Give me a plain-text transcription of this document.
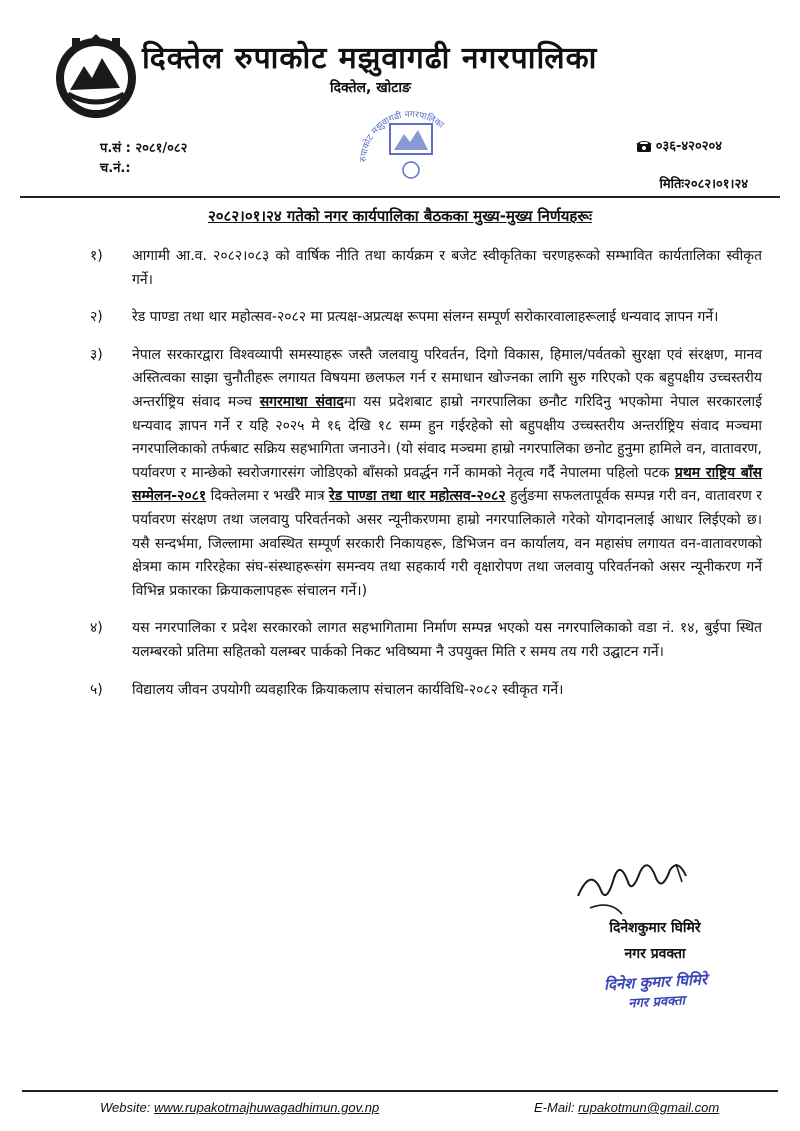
दिक्तेल रुपाकोट मझुवागढी नगरपालिका
दिक्तेल, खोटाङ
रुपाकोट मझुवागढी नगरपालिका
प.सं : २०८१/०८२
च.नं.:
०३६-४२०२०४
मितिः२०८२।०१।२४
२०८२।०१।२४ गतेको नगर कार्यपालिका बैठकका मुख्य-मुख्य निर्णयहरूः
१)	आगामी आ.व. २०८२।०८३ को वार्षिक नीति तथा कार्यक्रम र बजेट स्वीकृतिका चरणहरूको सम्भावित कार्यतालिका स्वीकृत गर्ने।
२)	रेड पाण्डा तथा थार महोत्सव-२०८२ मा प्रत्यक्ष-अप्रत्यक्ष रूपमा संलग्न सम्पूर्ण सरोकारवालाहरूलाई धन्यवाद ज्ञापन गर्ने।
३)	नेपाल सरकारद्वारा विश्वव्यापी समस्याहरू जस्तै जलवायु परिवर्तन, दिगो विकास, हिमाल/पर्वतको सुरक्षा एवं संरक्षण, मानव अस्तित्वका साझा चुनौतीहरू लगायत विषयमा छलफल गर्न र समाधान खोज्नका लागि सुरु गरिएको एक बहुपक्षीय उच्चस्तरीय अन्तर्राष्ट्रिय संवाद मञ्च सगरमाथा संवादमा यस प्रदेशबाट हाम्रो नगरपालिका छनौट गरिदिनु भएकोमा नेपाल सरकारलाई धन्यवाद ज्ञापन गर्ने र यहि २०२५ मे १६ देखि १८ सम्म हुन गईरहेको सो बहुपक्षीय उच्चस्तरीय अन्तर्राष्ट्रिय संवाद मञ्चमा नगरपालिकाको तर्फबाट सक्रिय सहभागिता जनाउने। (यो संवाद मञ्चमा हाम्रो नगरपालिका छनोट हुनुमा हामिले वन, वातावरण, पर्यावरण र मान्छेको स्वरोजगारसंग जोडिएको बाँसको प्रवर्द्धन गर्ने कामको नेतृत्व गर्दै नेपालमा पहिलो पटक प्रथम राष्ट्रिय बाँस सम्मेलन-२०८१ दिक्तेलमा र भर्खरै मात्र रेड पाण्डा तथा थार महोत्सव-२०८२ हुर्लुङमा सफलतापूर्वक सम्पन्न गरी वन, वातावरण र पर्यावरण संरक्षण तथा जलवायु परिवर्तनको असर न्यूनीकरणमा हाम्रो नगरपालिकाले गरेको योगदानलाई आधार लिईएको छ। यसै सन्दर्भमा, जिल्लामा अवस्थित सम्पूर्ण सरकारी निकायहरू, डिभिजन वन कार्यालय, वन महासंघ लगायत वन-वातावरणको क्षेत्रमा काम गरिरहेका संघ-संस्थाहरूसंग समन्वय तथा सहकार्य गरी वृक्षारोपण तथा जलवायु परिवर्तनको असर न्यूनीकरण गर्ने विभिन्न प्रकारका क्रियाकलापहरू संचालन गर्ने।)
४)	यस नगरपालिका र प्रदेश सरकारको लागत सहभागितामा निर्माण सम्पन्न भएको यस नगरपालिकाको वडा नं. १४, बुईपा स्थित यलम्बरको प्रतिमा सहितको यलम्बर पार्कको निकट भविष्यमा नै उपयुक्त मिति र समय तय गरी उद्घाटन गर्ने।
५)	विद्यालय जीवन उपयोगी व्यवहारिक क्रियाकलाप संचालन कार्यविधि-२०८२ स्वीकृत गर्ने।
दिनेशकुमार घिमिरे
नगर प्रवक्ता
दिनेश कुमार घिमिरे
नगर प्रवक्ता
Website: www.rupakotmajhuwagadhimun.gov.np	E-Mail: rupakotmun@gmail.com
